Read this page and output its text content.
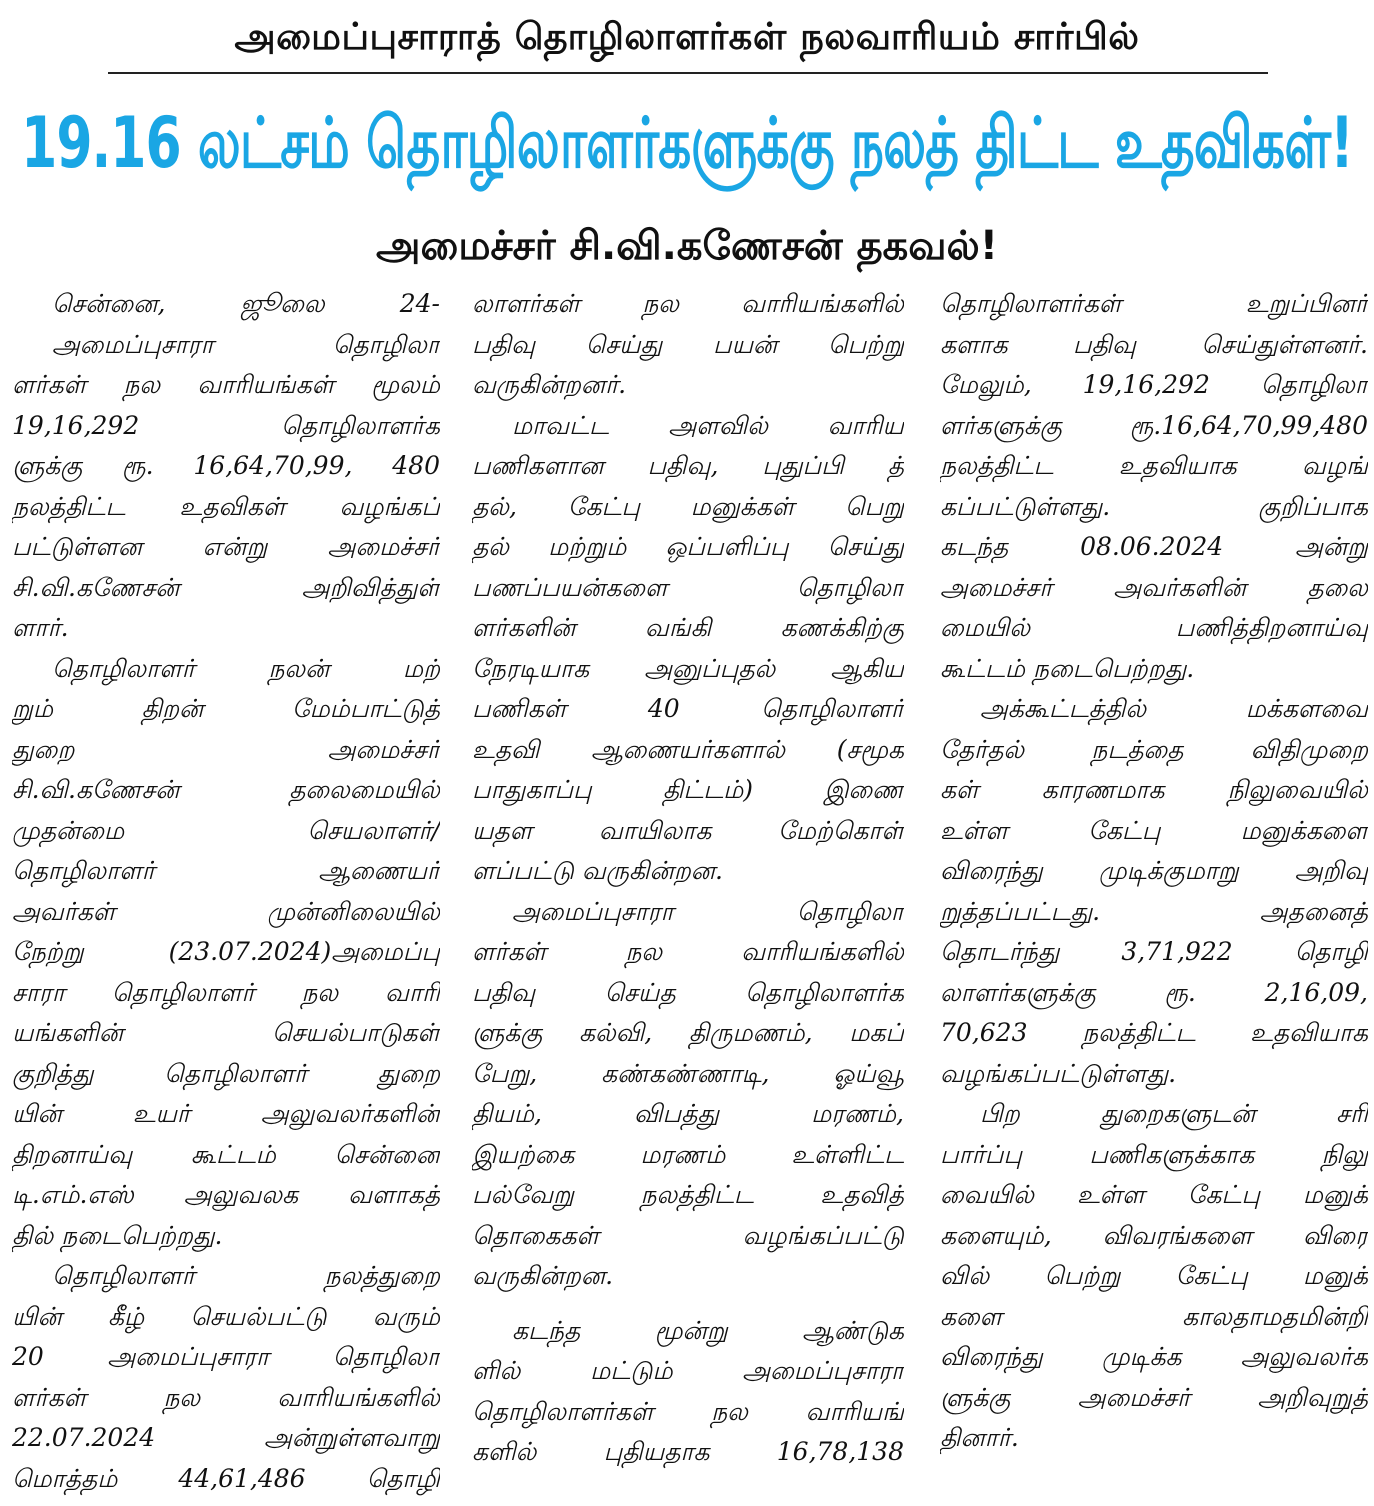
அமைப்புசாராத் தொழிலாளர்கள் நலவாரியம் சார்பில்
19.16 லட்சம் தொழிலாளர்களுக்கு நலத் திட்ட உதவிகள்!
அமைச்சர் சி.வி.கணேசன் தகவல்!
சென்னை, ஜூலை 24-
அமைப்புசாரா தொழிலா
ளர்கள் நல வாரியங்கள் மூலம்
19,16,292 தொழிலாளர்க
ளுக்கு ரூ. 16,64,70,99, 480
நலத்திட்ட உதவிகள் வழங்கப்
பட்டுள்ளன என்று அமைச்சர்
சி.வி.கணேசன் அறிவித்துள்
ளார்.
தொழிலாளர் நலன் மற்
றும் திறன் மேம்பாட்டுத்
துறை அமைச்சர்
சி.வி.கணேசன் தலைமையில்
முதன்மை செயலாளர்/
தொழிலாளர் ஆணையர்
அவர்கள் முன்னிலையில்
நேற்று (23.07.2024)அமைப்பு
சாரா தொழிலாளர் நல வாரி
யங்களின் செயல்பாடுகள்
குறித்து தொழிலாளர் துறை
யின் உயர் அலுவலர்களின்
திறனாய்வு கூட்டம் சென்னை
டி.எம்.எஸ் அலுவலக வளாகத்
தில் நடைபெற்றது.
தொழிலாளர் நலத்துறை
யின் கீழ் செயல்பட்டு வரும்
20 அமைப்புசாரா தொழிலா
ளர்கள் நல வாரியங்களில்
22.07.2024 அன்றுள்ளவாறு
மொத்தம் 44,61,486 தொழி
லாளர்கள் நல வாரியங்களில்
பதிவு செய்து பயன் பெற்று
வருகின்றனர்.
மாவட்ட அளவில் வாரிய
பணிகளான பதிவு, புதுப்பி த்
தல், கேட்பு மனுக்கள் பெறு
தல் மற்றும் ஒப்பளிப்பு செய்து
பணப்பயன்களை தொழிலா
ளர்களின் வங்கி கணக்கிற்கு
நேரடியாக அனுப்புதல் ஆகிய
பணிகள் 40 தொழிலாளர்
உதவி ஆணையர்களால் (சமூக
பாதுகாப்பு திட்டம்) இணை
யதள வாயிலாக மேற்கொள்
ளப்பட்டு வருகின்றன.
அமைப்புசாரா தொழிலா
ளர்கள் நல வாரியங்களில்
பதிவு செய்த தொழிலாளர்க
ளுக்கு கல்வி, திருமணம், மகப்
பேறு, கண்கண்ணாடி, ஓய்வூ
தியம், விபத்து மரணம்,
இயற்கை மரணம் உள்ளிட்ட
பல்வேறு நலத்திட்ட உதவித்
தொகைகள் வழங்கப்பட்டு
வருகின்றன.
கடந்த மூன்று ஆண்டுக
ளில் மட்டும் அமைப்புசாரா
தொழிலாளர்கள் நல வாரியங்
களில் புதியதாக 16,78,138
தொழிலாளர்கள் உறுப்பினர்
களாக பதிவு செய்துள்ளனர்.
மேலும், 19,16,292 தொழிலா
ளர்களுக்கு ரூ.16,64,70,99,480
நலத்திட்ட உதவியாக வழங்
கப்பட்டுள்ளது. குறிப்பாக
கடந்த 08.06.2024 அன்று
அமைச்சர் அவர்களின் தலை
மையில் பணித்திறனாய்வு
கூட்டம் நடைபெற்றது.
அக்கூட்டத்தில் மக்களவை
தேர்தல் நடத்தை விதிமுறை
கள் காரணமாக நிலுவையில்
உள்ள கேட்பு மனுக்களை
விரைந்து முடிக்குமாறு அறிவு
றுத்தப்பட்டது. அதனைத்
தொடர்ந்து 3,71,922 தொழி
லாளர்களுக்கு ரூ. 2,16,09,
70,623 நலத்திட்ட உதவியாக
வழங்கப்பட்டுள்ளது.
பிற துறைகளுடன் சரி
பார்ப்பு பணிகளுக்காக நிலு
வையில் உள்ள கேட்பு மனுக்
களையும், விவரங்களை விரை
வில் பெற்று கேட்பு மனுக்
களை காலதாமதமின்றி
விரைந்து முடிக்க அலுவலர்க
ளுக்கு அமைச்சர் அறிவுறுத்
தினார்.
